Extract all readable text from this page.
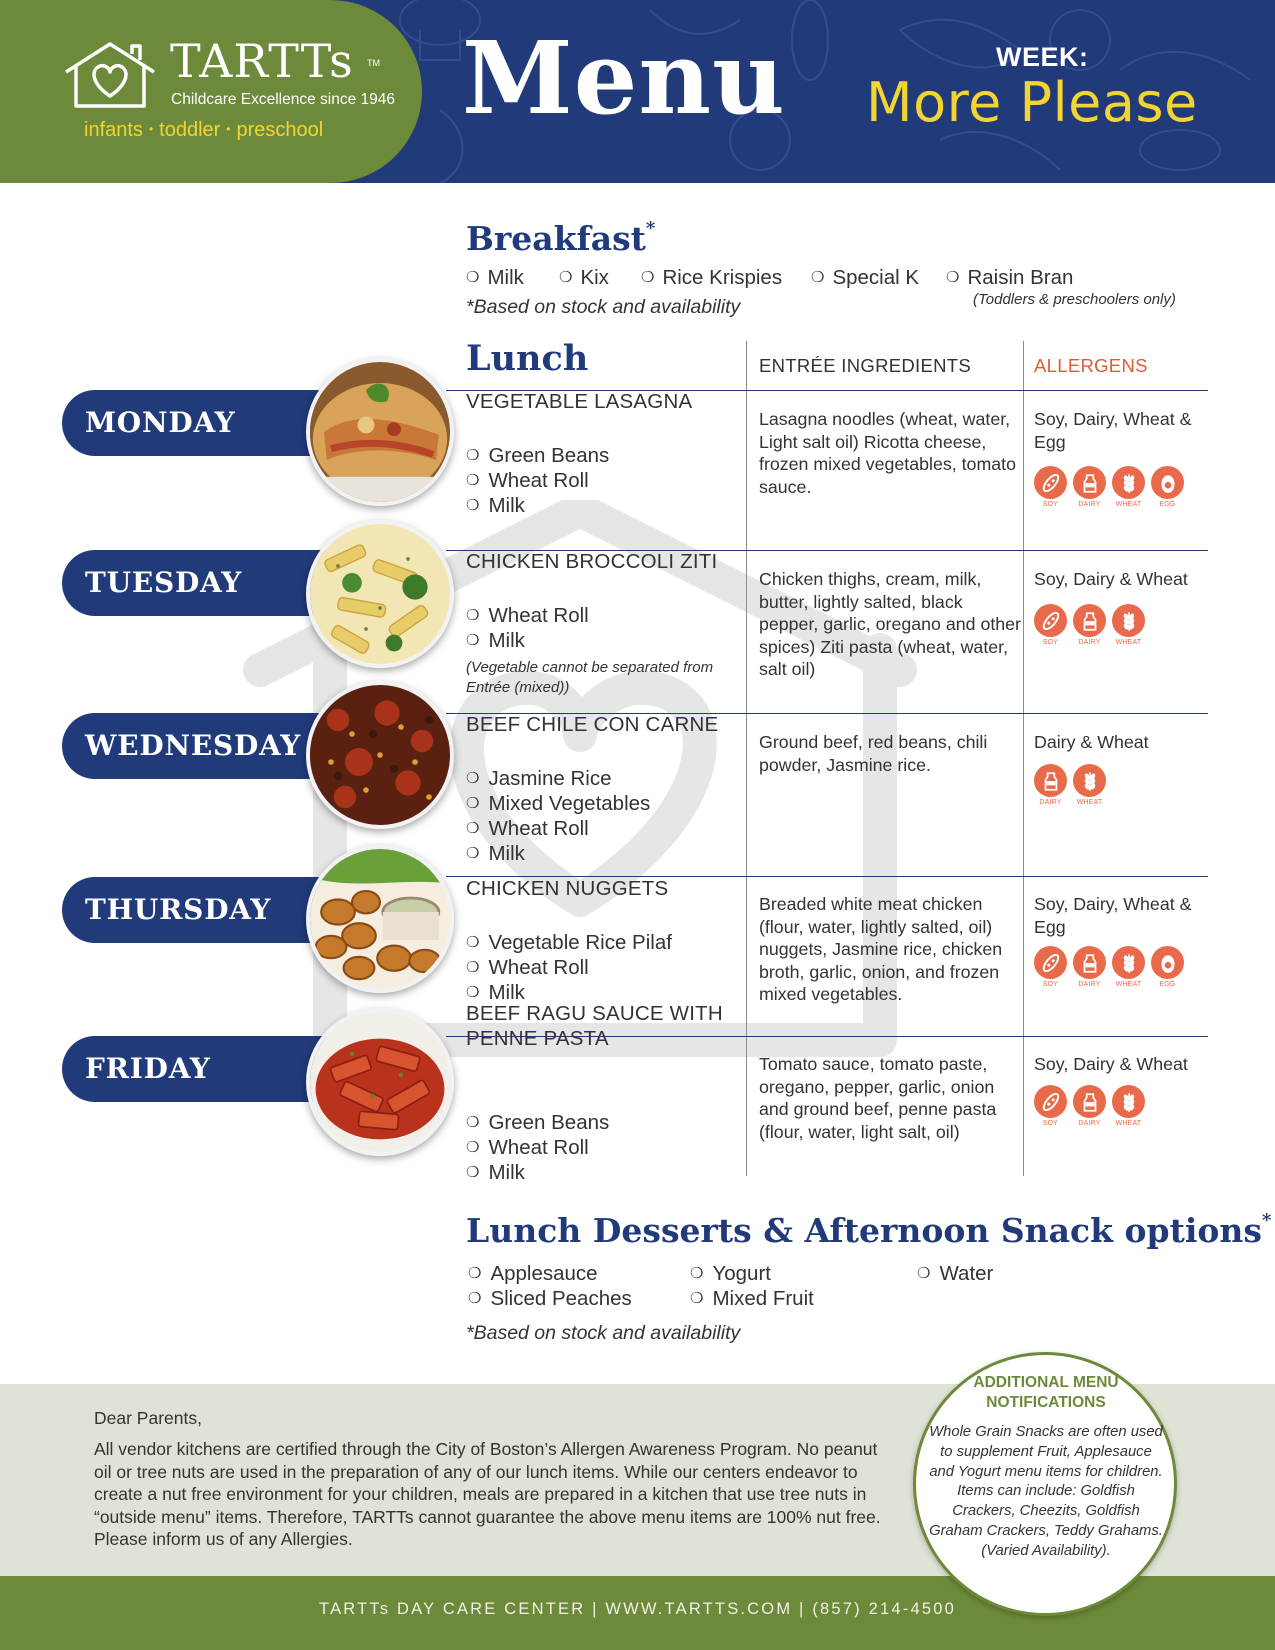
TARTTs TM
Childcare Excellence since 1946
infants • toddler • preschool Menu	WEEK:
More Please
Breakfast*
❍ Milk ❍ Kix ❍ Rice Krispies ❍ Special K ❍ Raisin Bran
(Toddlers & preschoolers only)
*Based on stock and availability
Lunch	ENTRÉE INGREDIENTS	ALLERGENS
MONDAY
VEGETABLE LASAGNA
❍ Green Beans
❍ Wheat Roll
❍ Milk
Lasagna noodles (wheat, water, Light salt oil) Ricotta cheese, frozen mixed vegetables, tomato sauce.
Soy, Dairy, Wheat & Egg
SOY	DAIRY WHEAT	EGG
TUESDAY
CHICKEN BROCCOLI ZITI
❍ Wheat Roll
❍ Milk
(Vegetable cannot be separated from Entrée (mixed))
Chicken thighs, cream, milk, butter, lightly salted, black pepper, garlic, oregano and other spices) Ziti pasta (wheat, water, salt oil)
Soy, Dairy & Wheat
SOY	DAIRY WHEAT
WEDNESDAY
BEEF CHILE CON CARNE
❍ Jasmine Rice
❍ Mixed Vegetables
❍ Wheat Roll
❍ Milk
Ground beef, red beans, chili powder, Jasmine rice.
Dairy & Wheat
DAIRY WHEAT
THURSDAY
CHICKEN NUGGETS
❍ Vegetable Rice Pilaf
❍ Wheat Roll
❍ Milk
Breaded white meat chicken (flour, water, lightly salted, oil) nuggets, Jasmine rice, chicken broth, garlic, onion, and frozen mixed vegetables.
Soy, Dairy, Wheat & Egg
SOY	DAIRY WHEAT	EGG
FRIDAY
BEEF RAGU SAUCE WITH PENNE PASTA
❍ Green Beans
❍ Wheat Roll
❍ Milk
Tomato sauce, tomato paste, oregano, pepper, garlic, onion and ground beef, penne pasta (flour, water, light salt, oil)
Soy, Dairy & Wheat
SOY	DAIRY WHEAT
Lunch Desserts & Afternoon Snack options*
❍ Applesauce
❍ Sliced Peaches
❍ Yogurt
❍ Mixed Fruit
❍ Water
*Based on stock and availability
Dear Parents,
All vendor kitchens are certified through the City of Boston’s Allergen Awareness Program. No peanut oil or tree nuts are used in the preparation of any of our lunch items. While our centers endeavor to create a nut free environment for your children, meals are prepared in a kitchen that use tree nuts in “outside menu” items. Therefore, TARTTs cannot guarantee the above menu items are 100% nut free. Please inform us of any Allergies.
TARTTs DAY CARE CENTER | WWW.TARTTS.COM | (857) 214-4500
ADDITIONAL MENU NOTIFICATIONS
Whole Grain Snacks are often used to supplement Fruit, Applesauce and Yogurt menu items for children. Items can include: Goldfish Crackers, Cheezits, Goldfish Graham Crackers, Teddy Grahams. (Varied Availability).
